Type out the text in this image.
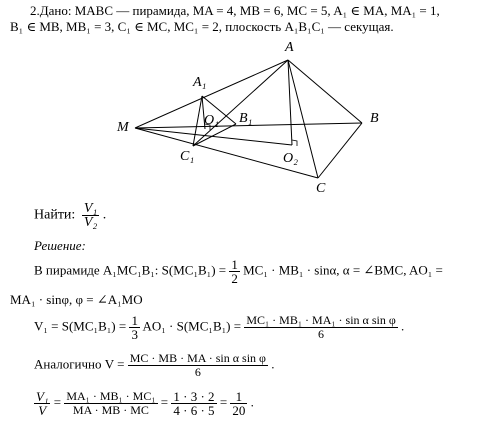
2.Дано: MABC — пирамида, MA = 4, MB = 6, MC = 5, A₁ ∈ MA, MA₁ = 1,
B₁ ∈ MB, MB₁ = 3, C₁ ∈ MC, MC₁ = 2, плоскость A₁B₁C₁ — секущая.
A
A₁
B
B₁
M	O₁
O₂
C
C₁
Найти: $\frac{\text{V₁}}{\text{V₂}}$ .
Решение:
В пирамиде A₁MC₁B₁: $S(MC_1B_1) = \frac{1}{2} MC_1 \cdot MB_1 \cdot \sin\alpha$, α = ∠BMC, AO₁ =
MA₁ · sinφ, φ = ∠A₁MO
$V_1 = S(MC_1B_1) = \frac{1}{3} AO_1 \cdot S(MC_1B_1) = \frac{\text{MC₁ · MB₁ · MA₁ · sin α sin φ}}{6}$ .
Аналогично $V = \frac{\text{MC · MB · MA · sin α sin φ}}{6}$ .
$\frac{\text{V₁}}{V} = \frac{\text{MA₁ · MB₁ · MC₁}}{MA \cdot MB \cdot MC} = \frac{1 \cdot 3 \cdot 2}{4 \cdot 6 \cdot 5} = \frac{1}{20}$ .
